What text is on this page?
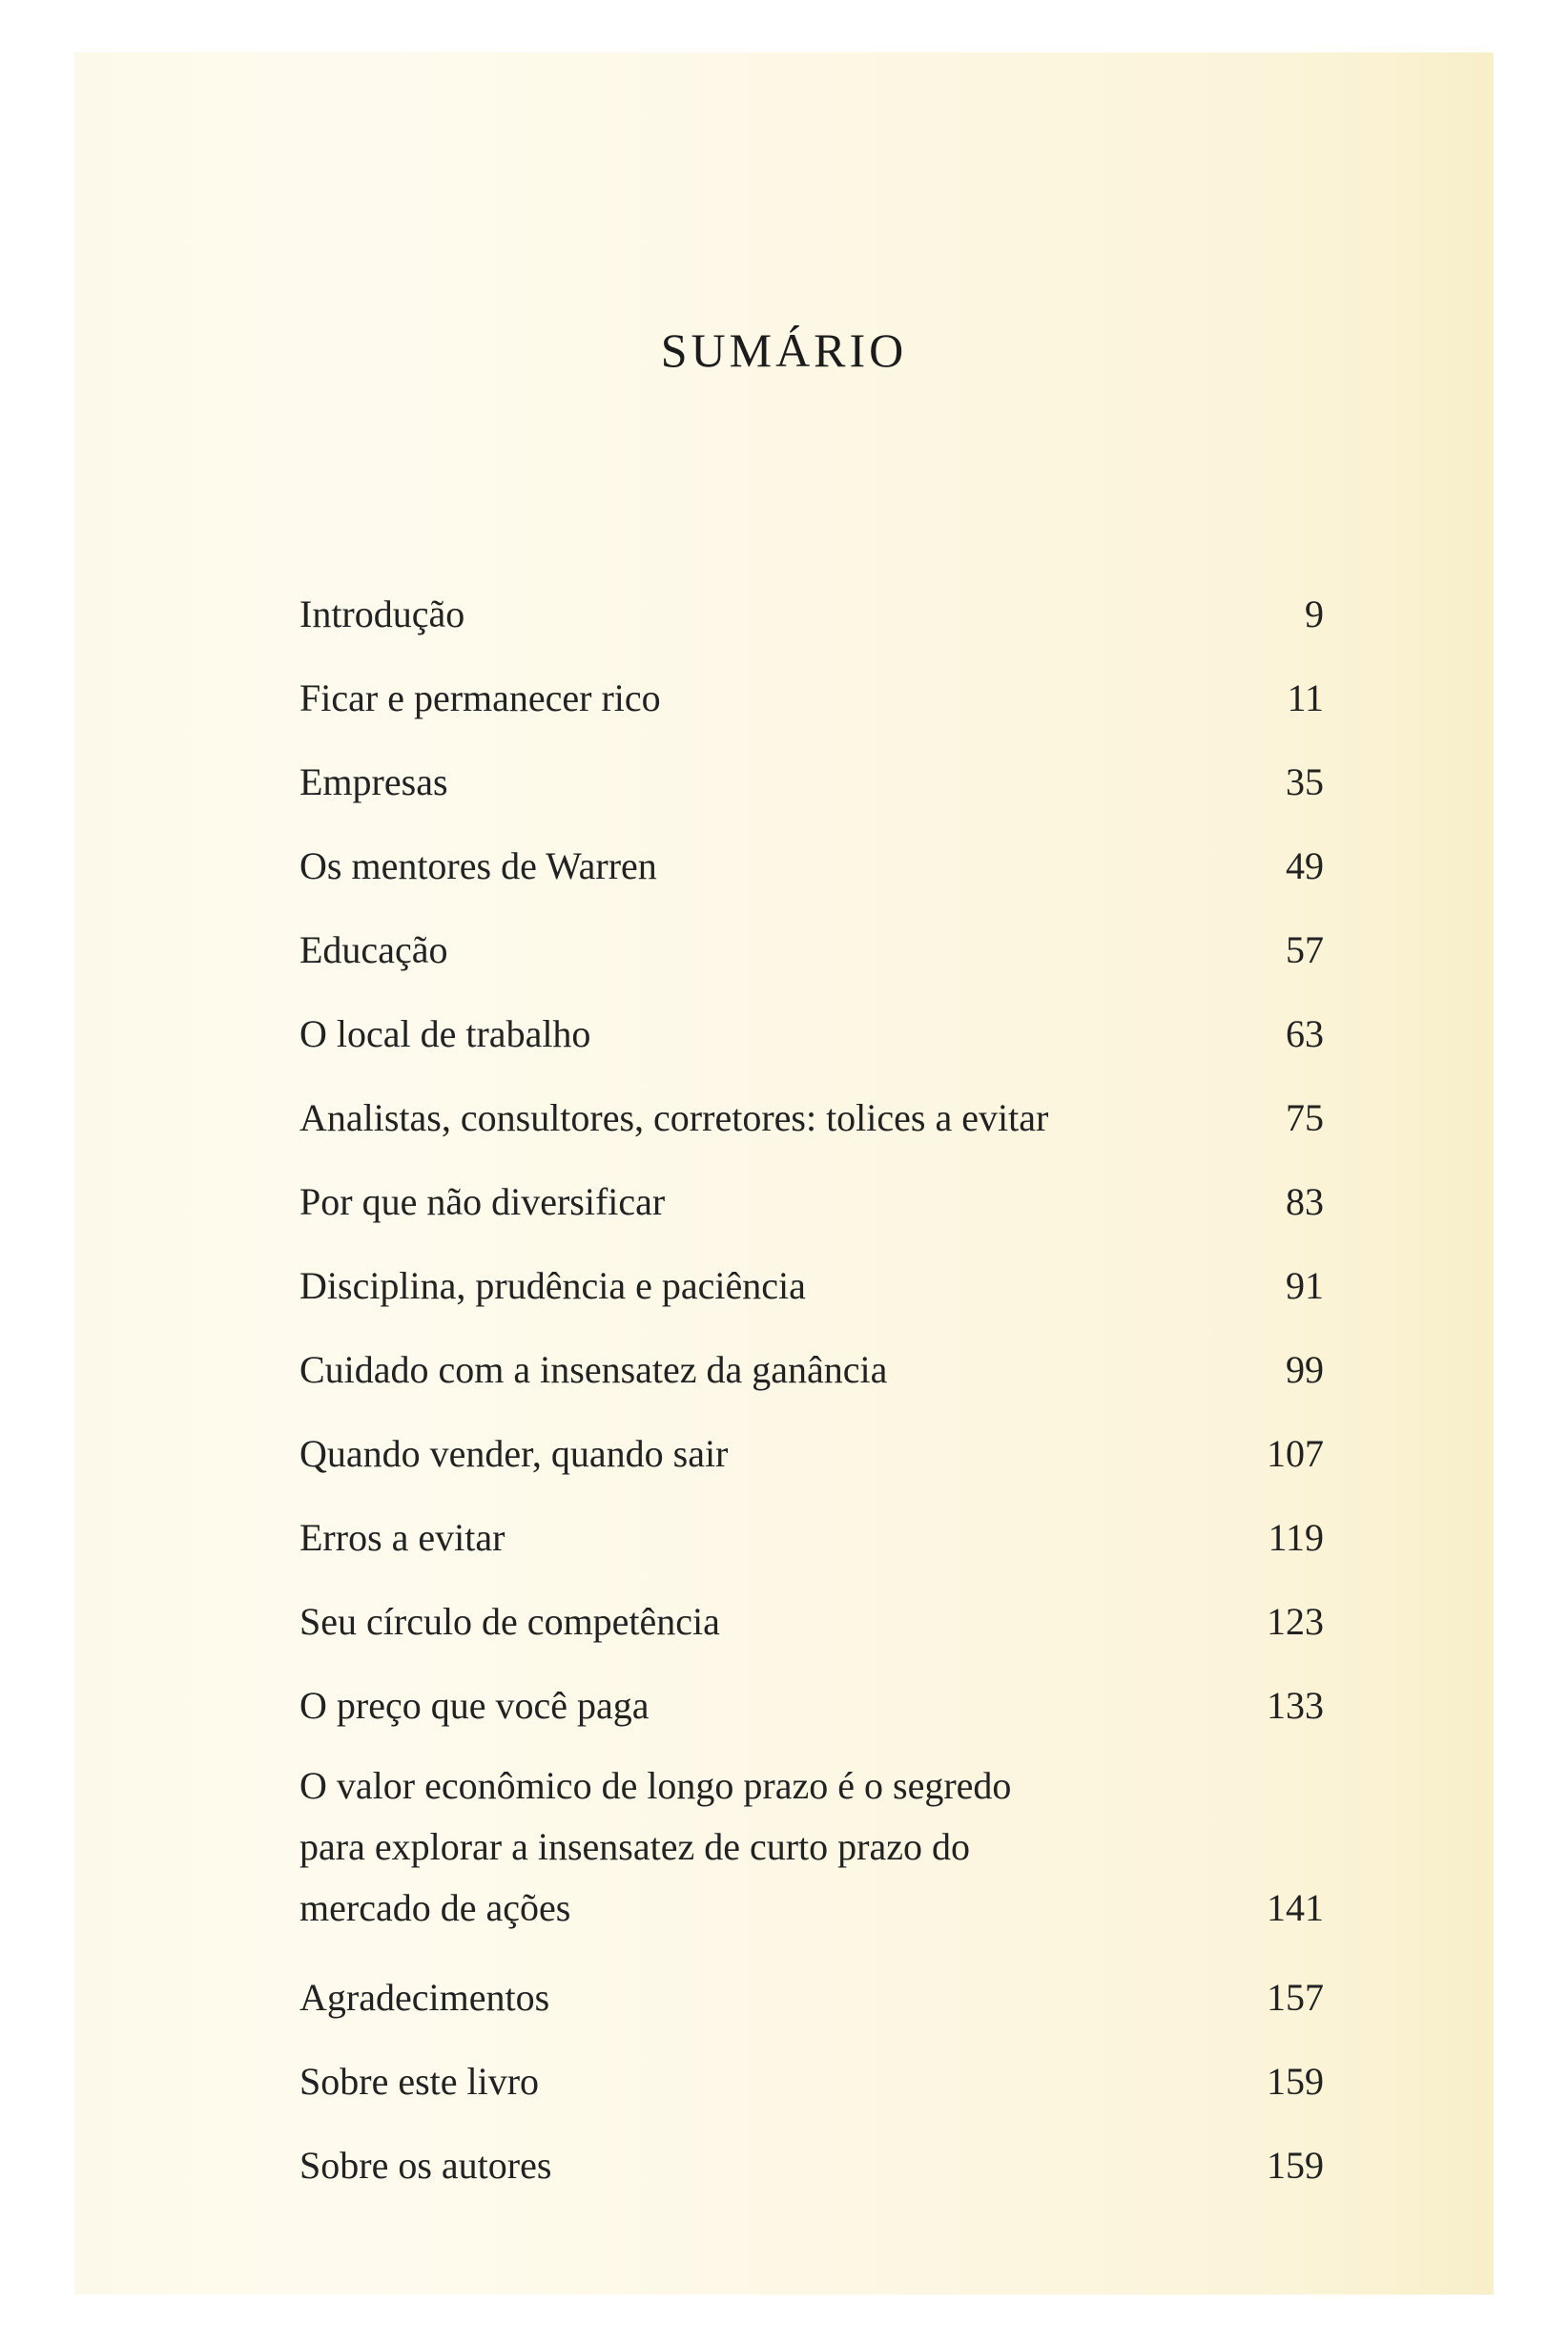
SUMÁRIO
Introdução	9
Ficar e permanecer rico	11
Empresas	35
Os mentores de Warren	49
Educação	57
O local de trabalho	63
Analistas, consultores, corretores: tolices a evitar	75
Por que não diversificar	83
Disciplina, prudência e paciência	91
Cuidado com a insensatez da ganância	99
Quando vender, quando sair	107
Erros a evitar	119
Seu círculo de competência	123
O preço que você paga	133
O valor econômico de longo prazo é o segredo para explorar a insensatez de curto prazo do mercado de ações	141
Agradecimentos	157
Sobre este livro	159
Sobre os autores	159
